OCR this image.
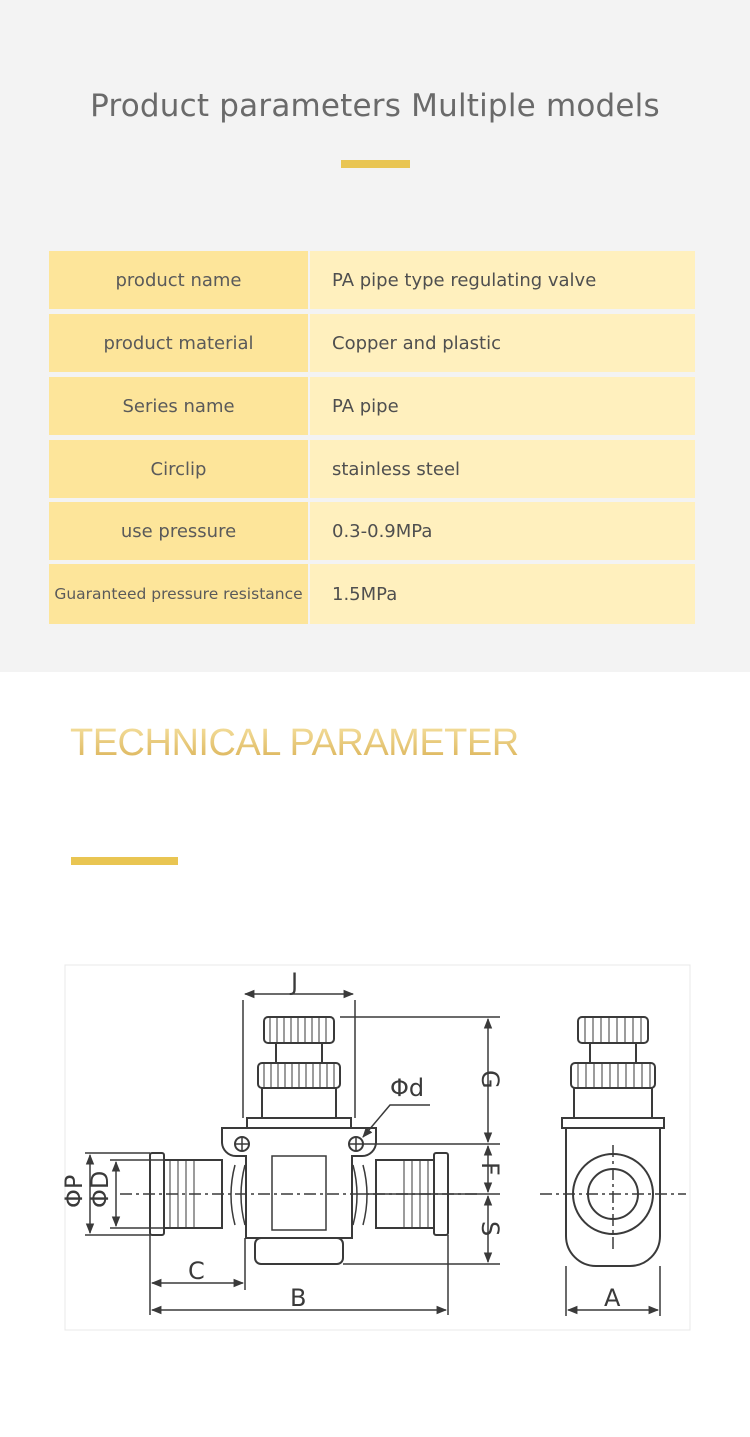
Product parameters Multiple models
product name	PA pipe type regulating valve
product material	Copper and plastic
Series name	PA pipe
Circlip	stainless steel
use pressure	0.3-0.9MPa
Guaranteed pressure resistance	1.5MPa
TECHNICAL PARAMETER
J
Φd G
F
S
ΦP
ΦD
C
B	A
